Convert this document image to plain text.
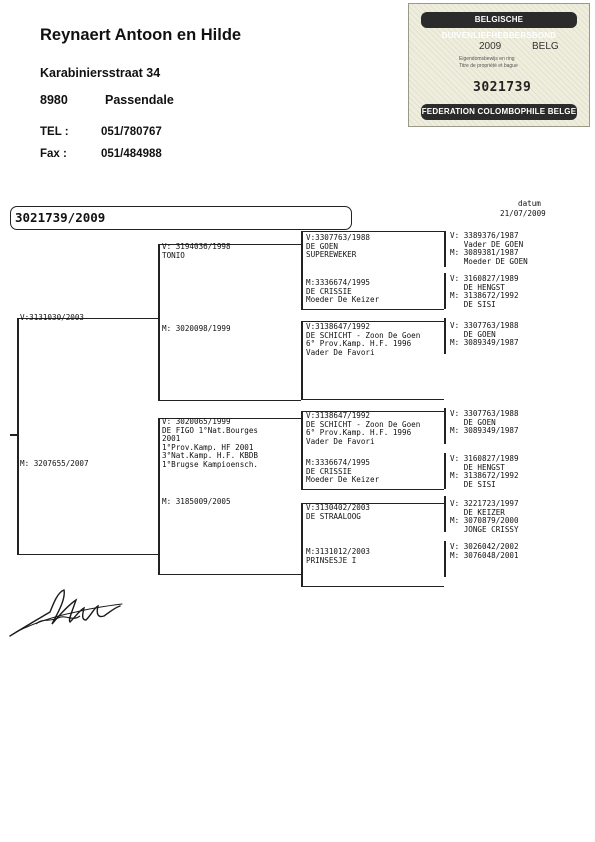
Reynaert Antoon en Hilde
Karabiniersstraat 34
8980	Passendale
TEL :	051/780767
Fax :	051/484988
BELGISCHE DUIVENLIEFHEBBERSBOND
2009	BELG
Eigendomsbewijs en ring
Titre de propriété et bague
3021739
FEDERATION COLOMBOPHILE BELGE
3021739/2009
datum
21/07/2009
V:3131030/2003
M: 3207655/2007
V: 3194036/1998
TONIO
M: 3020098/1999
V: 3020065/1999
DE FIGO 1°Nat.Bourges
2001
1°Prov.Kamp. HF 2001
3°Nat.Kamp. H.F. KBDB
1°Brugse Kampioensch.
M: 3185009/2005
V:3307763/1988
DE GOEN
SUPEREWEKER
M:3336674/1995
DE CRISSIE
Moeder De Keizer
V:3138647/1992
DE SCHICHT - Zoon De Goen
6° Prov.Kamp. H.F. 1996
Vader De Favori
V:3138647/1992
DE SCHICHT - Zoon De Goen
6° Prov.Kamp. H.F. 1996
Vader De Favori
M:3336674/1995
DE CRISSIE
Moeder De Keizer
V:3130402/2003
DE STRAALOOG
M:3131012/2003
PRINSESJE I
V: 3389376/1987
Vader DE GOEN
M: 3089381/1987
Moeder DE GOEN
V: 3160827/1989
DE HENGST
M: 3138672/1992
DE SISI
V: 3307763/1988
DE GOEN
M: 3089349/1987
V: 3307763/1988
DE GOEN
M: 3089349/1987
V: 3160827/1989
DE HENGST
M: 3138672/1992
DE SISI
V: 3221723/1997
DE KEIZER
M: 3070879/2000
JONGE CRISSY
V: 3026042/2002
M: 3076048/2001
